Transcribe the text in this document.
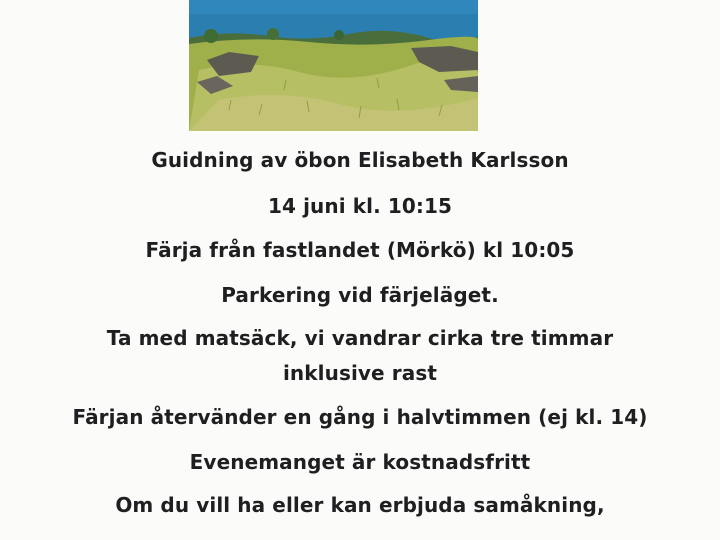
Guidning av öbon Elisabeth Karlsson
14 juni kl. 10:15
Färja från fastlandet (Mörkö) kl 10:05
Parkering vid färjeläget.
Ta med matsäck, vi vandrar cirka tre timmar
inklusive rast
Färjan återvänder en gång i halvtimmen (ej kl. 14)
Evenemanget är kostnadsfritt
Om du vill ha eller kan erbjuda samåkning,
